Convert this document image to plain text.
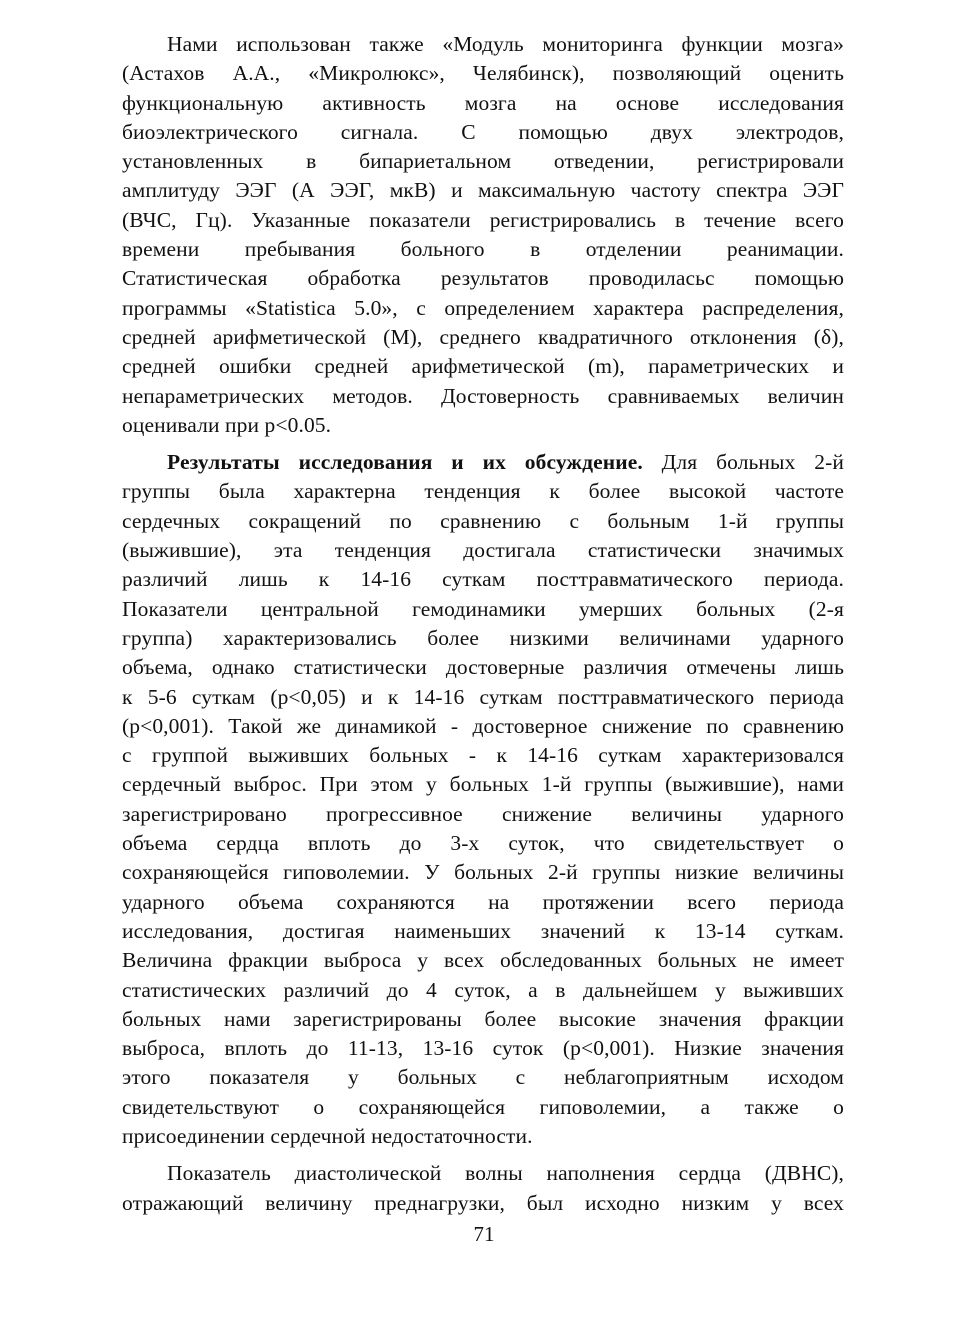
Нами использован также «Модуль мониторинга функции мозга»
(Астахов А.А., «Микролюкс», Челябинск), позволяющий оценить
функциональную активность мозга на основе исследования
биоэлектрического сигнала. С помощью двух электродов,
установленных в бипариетальном отведении, регистрировали
амплитуду ЭЭГ (А ЭЭГ, мкВ) и максимальную частоту спектра ЭЭГ
(ВЧС, Гц). Указанные показатели регистрировались в течение всего
времени пребывания больного в отделении реанимации.
Статистическая обработка результатов проводиласьс помощью
программы «Statistica 5.0», с определением характера распределения,
средней арифметической (М), среднего квадратичного отклонения (δ),
средней ошибки средней арифметической (m), параметрических и
непараметрических методов. Достоверность сравниваемых величин
оценивали при p<0.05.
Результаты исследования и их обсуждение. Для больных 2-й
группы была характерна тенденция к более высокой частоте
сердечных сокращений по сравнению с больным 1-й группы
(выжившие), эта тенденция достигала статистически значимых
различий лишь к 14-16 суткам посттравматического периода.
Показатели центральной гемодинамики умерших больных (2-я
группа) характеризовались более низкими величинами ударного
объема, однако статистически достоверные различия отмечены лишь
к 5-6 суткам (p<0,05) и к 14-16 суткам посттравматического периода
(p<0,001). Такой же динамикой - достоверное снижение по сравнению
с группой выживших больных - к 14-16 суткам характеризовался
сердечный выброс. При этом у больных 1-й группы (выжившие), нами
зарегистрировано прогрессивное снижение величины ударного
объема сердца вплоть до 3-х суток, что свидетельствует о
сохраняющейся гиповолемии. У больных 2-й группы низкие величины
ударного объема сохраняются на протяжении всего периода
исследования, достигая наименьших значений к 13-14 суткам.
Величина фракции выброса у всех обследованных больных не имеет
статистических различий до 4 суток, а в дальнейшем у выживших
больных нами зарегистрированы более высокие значения фракции
выброса, вплоть до 11-13, 13-16 суток (p<0,001). Низкие значения
этого показателя у больных с неблагоприятным исходом
свидетельствуют о сохраняющейся гиповолемии, а также о
присоединении сердечной недостаточности.
Показатель диастолической волны наполнения сердца (ДВНС),
отражающий величину преднагрузки, был исходно низким у всех
71
